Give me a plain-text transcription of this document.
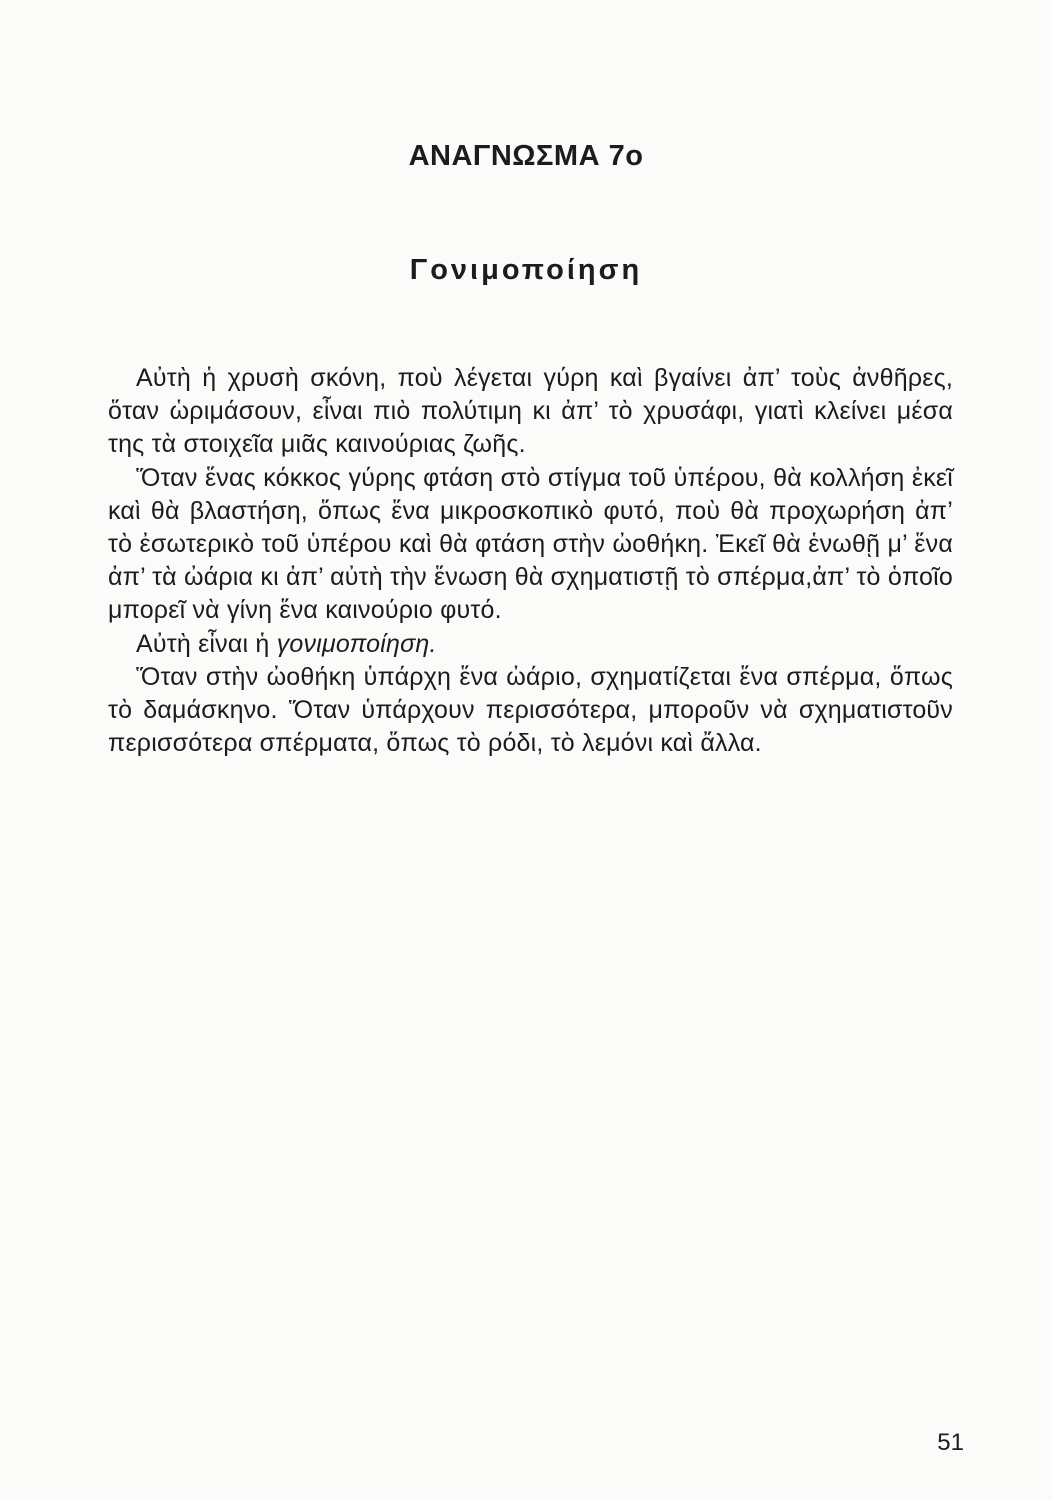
ΑΝΑΓΝΩΣΜΑ 7ο
Γονιμοποίηση

Αὐτὴ ἡ χρυσὴ σκόνη, ποὺ λέγεται γύρη καὶ βγαίνει ἀπ’ τοὺς ἀνθῆρες, ὅταν ὡριμάσουν, εἶναι πιὸ πολύτιμη κι ἀπ’ τὸ χρυσάφι, γιατὶ κλείνει μέσα της τὰ στοιχεῖα μιᾶς καινούριας ζωῆς.

Ὅταν ἕνας κόκκος γύρης φτάση στὸ στίγμα τοῦ ὑπέρου, θὰ κολλήση ἐκεῖ καὶ θὰ βλαστήση, ὅπως ἕνα μικροσκοπικὸ φυτό, ποὺ θὰ προχωρήση ἀπ’ τὸ ἐσωτερικὸ τοῦ ὑπέρου καὶ θὰ φτάση στὴν ὠοθήκη. Ἐκεῖ θὰ ἑνωθῇ μ’ ἕνα ἀπ’ τὰ ὠάρια κι ἀπ’ αὐτὴ τὴν ἕνωση θὰ σχηματιστῇ τὸ σπέρμα,ἀπ’ τὸ ὁποῖο μπορεῖ νὰ γίνη ἕνα καινούριο φυτό.

Αὐτὴ εἶναι ἡ γονιμοποίηση.

Ὅταν στὴν ὠοθήκη ὑπάρχη ἕνα ὠάριο, σχηματίζεται ἕνα σπέρμα, ὅπως τὸ δαμάσκηνο. Ὅταν ὑπάρχουν περισσότερα, μποροῦν νὰ σχηματιστοῦν περισσότερα σπέρματα, ὅπως τὸ ρόδι, τὸ λεμόνι καὶ ἄλλα.

51
